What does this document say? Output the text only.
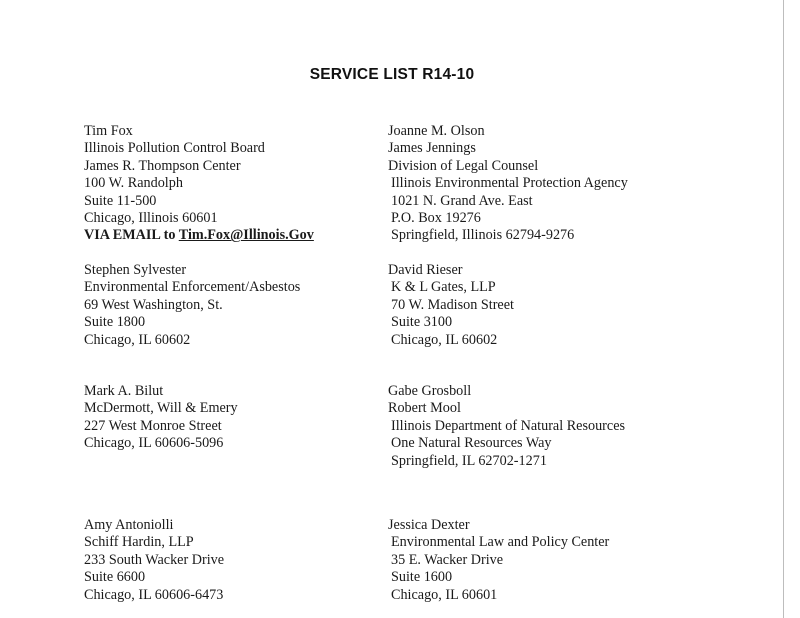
SERVICE LIST R14-10
Tim Fox
Illinois Pollution Control Board
James R. Thompson Center
100 W. Randolph
Suite 11-500
Chicago, Illinois 60601
VIA EMAIL to Tim.Fox@Illinois.Gov
Joanne M. Olson
James Jennings
Division of Legal Counsel
Illinois Environmental Protection Agency
1021 N. Grand Ave. East
P.O. Box 19276
Springfield, Illinois 62794-9276
Stephen Sylvester
Environmental Enforcement/Asbestos
69 West Washington, St.
Suite 1800
Chicago, IL 60602
David Rieser
K & L Gates, LLP
70 W. Madison Street
Suite 3100
Chicago, IL 60602
Mark A. Bilut
McDermott, Will & Emery
227 West Monroe Street
Chicago, IL 60606-5096
Gabe Grosboll
Robert Mool
Illinois Department of Natural Resources
One Natural Resources Way
Springfield, IL 62702-1271
Amy Antoniolli
Schiff Hardin, LLP
233 South Wacker Drive
Suite 6600
Chicago, IL 60606-6473
Jessica Dexter
Environmental Law and Policy Center
35 E. Wacker Drive
Suite 1600
Chicago, IL 60601
